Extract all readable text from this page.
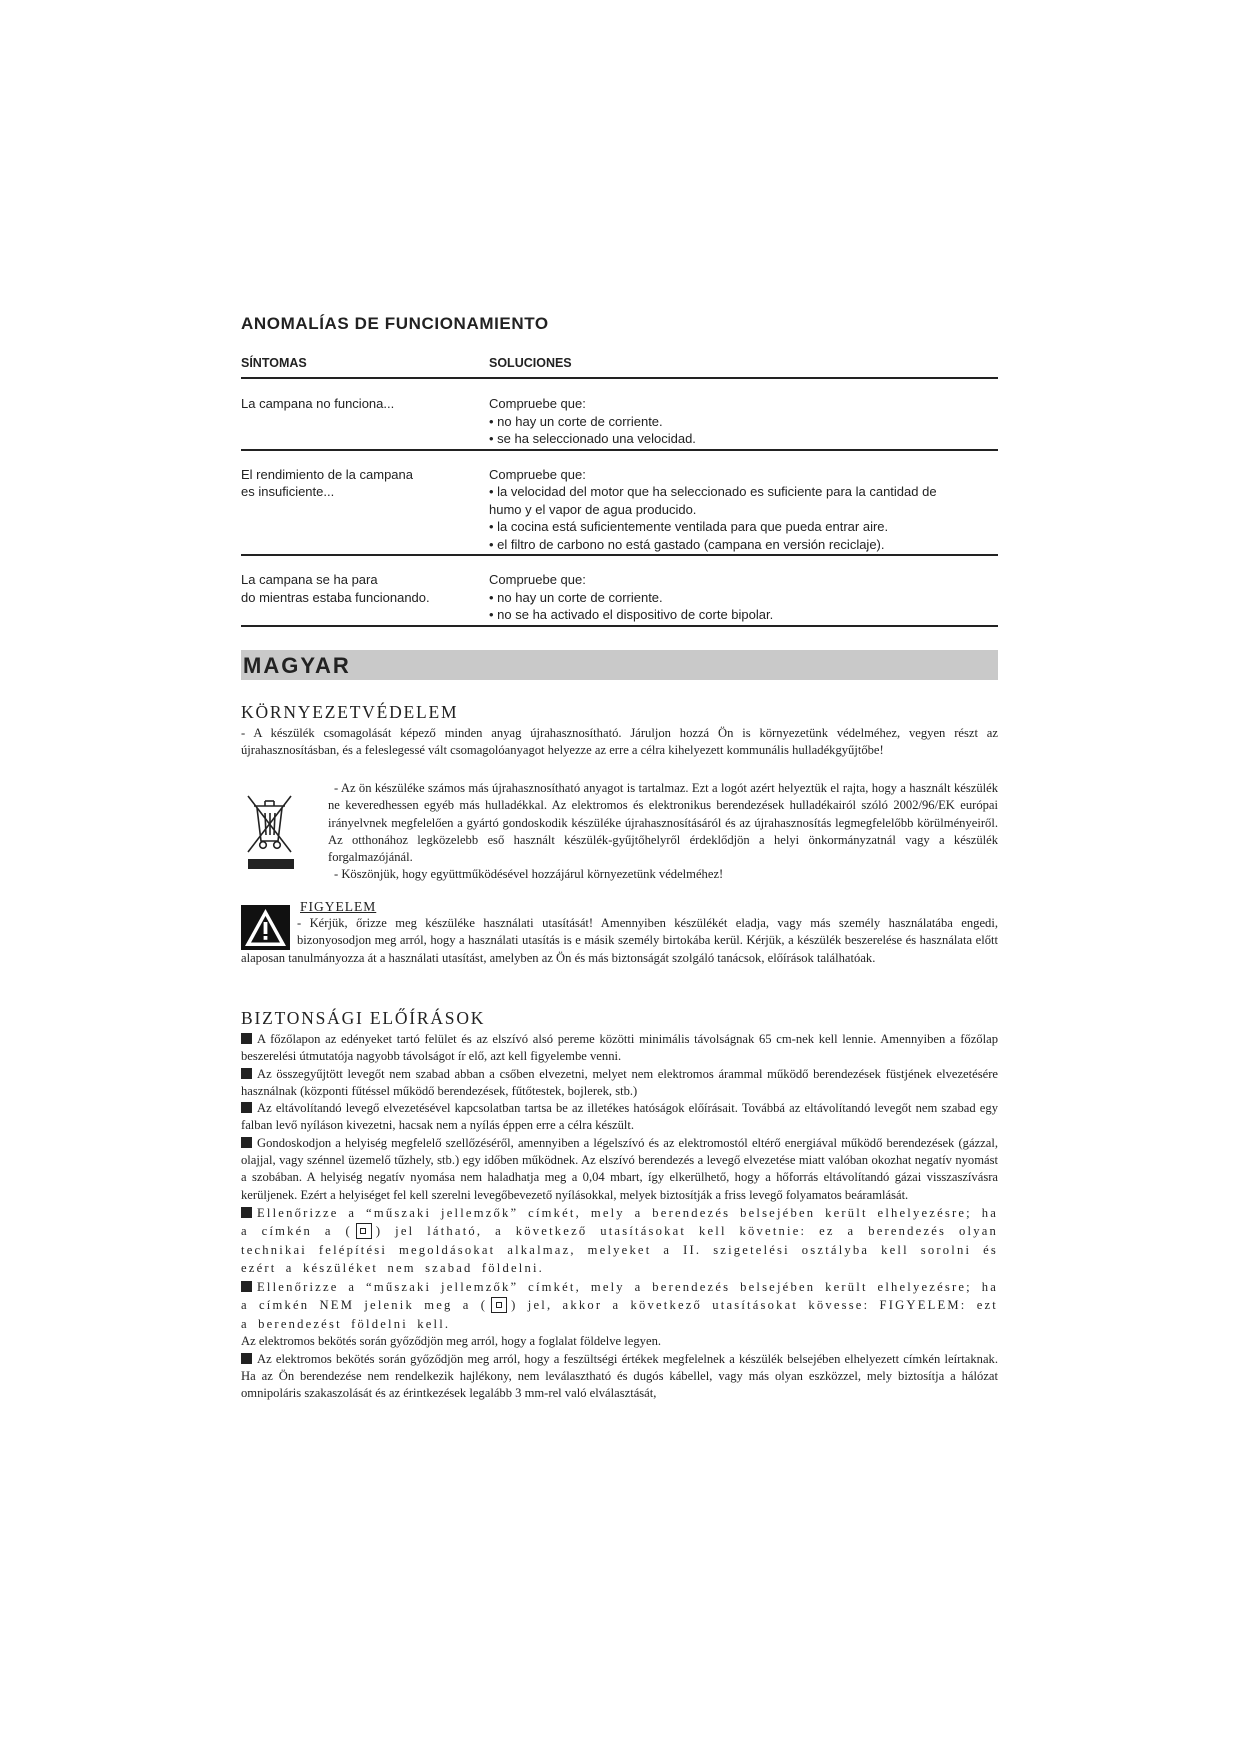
ANOMALÍAS DE FUNCIONAMIENTO
SÍNTOMAS	SOLUCIONES
La campana no funciona...	Compruebe que:
• no hay un corte de corriente.
• se ha seleccionado una velocidad.
El rendimiento de la campana
es insuficiente...
Compruebe que:
• la velocidad del motor que ha seleccionado es suficiente para la cantidad de
humo y el vapor de agua producido.
• la cocina está suficientemente ventilada para que pueda entrar aire.
• el filtro de carbono no está gastado (campana en versión reciclaje).
La campana se ha para
do mientras estaba funcionando.
Compruebe que:
• no hay un corte de corriente.
• no se ha activado el dispositivo de corte bipolar.
MAGYAR
KÖRNYEZETVÉDELEM
- A készülék csomagolását képező minden anyag újrahasznosítható. Járuljon hozzá Ön is környezetünk védelméhez, vegyen részt az újrahasznosításban, és a feleslegessé vált csomagolóanyagot helyezze az erre a célra kihelyezett kommunális hulladékgyűjtőbe!
- Az ön készüléke számos más újrahasznosítható anyagot is tartalmaz. Ezt a logót azért helyeztük el rajta, hogy a használt készülék ne keveredhessen egyéb más hulladékkal. Az elektromos és elektronikus berendezések hulladékairól szóló 2002/96/EK európai irányelvnek megfelelően a gyártó gondoskodik készüléke újrahasznosításáról és az újrahasznosítás legmegfelelőbb körülményeiről. Az otthonához legközelebb eső használt készülék-gyűjtőhelyről érdeklődjön a helyi önkormányzatnál vagy a készülék forgalmazójánál.
- Köszönjük, hogy együttműködésével hozzájárul környezetünk védelméhez!
FIGYELEM
- Kérjük, őrizze meg készüléke használati utasítását! Amennyiben készülékét eladja, vagy más személy használatába engedi, bizonyosodjon meg arról, hogy a használati utasítás is e másik személy birtokába kerül. Kérjük, a készülék beszerelése és használata előtt alaposan tanulmányozza át a használati utasítást, amelyben az Ön és más biztonságát szolgáló tanácsok, előírások találhatóak.
BIZTONSÁGI ELŐÍRÁSOK
A főzőlapon az edényeket tartó felület és az elszívó alsó pereme közötti minimális távolságnak 65 cm-nek kell lennie. Amennyiben a főzőlap beszerelési útmutatója nagyobb távolságot ír elő, azt kell figyelembe venni.
Az összegyűjtött levegőt nem szabad abban a csőben elvezetni, melyet nem elektromos árammal működő berendezések füstjének elvezetésére használnak (központi fűtéssel működő berendezések, fűtőtestek, bojlerek, stb.)
Az eltávolítandó levegő elvezetésével kapcsolatban tartsa be az illetékes hatóságok előírásait. Továbbá az eltávolítandó levegőt nem szabad egy falban levő nyíláson kivezetni, hacsak nem a nyílás éppen erre a célra készült.
Gondoskodjon a helyiség megfelelő szellőzéséről, amennyiben a légelszívó és az elektromostól eltérő energiával működő berendezések (gázzal, olajjal, vagy szénnel üzemelő tűzhely, stb.) egy időben működnek. Az elszívó berendezés a levegő elvezetése miatt valóban okozhat negatív nyomást a szobában. A helyiség negatív nyomása nem haladhatja meg a 0,04 mbart, így elkerülhető, hogy a hőforrás eltávolítandó gázai visszaszívásra kerüljenek. Ezért a helyiséget fel kell szerelni levegőbevezető nyílásokkal, melyek biztosítják a friss levegő folyamatos beáramlását.
Ellenőrizze a “műszaki jellemzők” címkét, mely a berendezés belsejében került elhelyezésre; ha a címkén a ( ) jel látható, a következő utasításokat kell követnie: ez a berendezés olyan technikai felépítési megoldásokat alkalmaz, melyeket a II. szigetelési osztályba kell sorolni és ezért a készüléket nem szabad földelni.
Ellenőrizze a “műszaki jellemzők” címkét, mely a berendezés belsejében került elhelyezésre; ha a címkén NEM jelenik meg a ( ) jel, akkor a következő utasításokat kövesse: FIGYELEM: ezt a berendezést földelni kell.
Az elektromos bekötés során győződjön meg arról, hogy a foglalat földelve legyen.
Az elektromos bekötés során győződjön meg arról, hogy a feszültségi értékek megfelelnek a készülék belsejében elhelyezett címkén leírtaknak. Ha az Ön berendezése nem rendelkezik hajlékony, nem leválasztható és dugós kábellel, vagy más olyan eszközzel, mely biztosítja a hálózat omnipoláris szakaszolását és az érintkezések legalább 3 mm-rel való elválasztását,
